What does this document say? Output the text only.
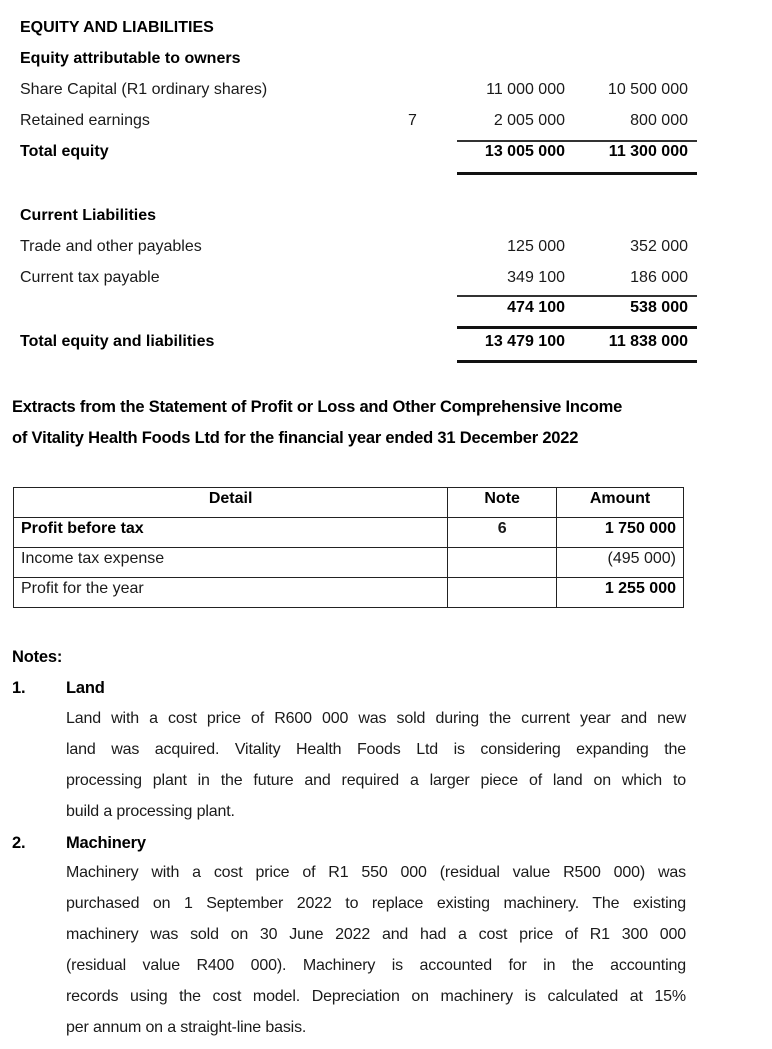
EQUITY AND LIABILITIES
Equity attributable to owners
Share Capital (R1 ordinary shares)	11 000 000	10 500 000
Retained earnings	7	2 005 000	800 000
Total equity	13 005 000	11 300 000
Current Liabilities
Trade and other payables	125 000	352 000
Current tax payable	349 100	186 000
474 100	538 000
Total equity and liabilities	13 479 100	11 838 000
Extracts from the Statement of Profit or Loss and Other Comprehensive Income
of Vitality Health Foods Ltd for the financial year ended 31 December 2022
Detail	Note	Amount
Profit before tax	6	1 750 000
Income tax expense		(495 000)
Profit for the year		1 255 000
Notes:
1. Land
Land with a cost price of R600 000 was sold during the current year and new
land was acquired. Vitality Health Foods Ltd is considering expanding the
processing plant in the future and required a larger piece of land on which to
build a processing plant.
2. Machinery
Machinery with a cost price of R1 550 000 (residual value R500 000) was
purchased on 1 September 2022 to replace existing machinery. The existing
machinery was sold on 30 June 2022 and had a cost price of R1 300 000
(residual value R400 000). Machinery is accounted for in the accounting
records using the cost model. Depreciation on machinery is calculated at 15%
per annum on a straight-line basis.
